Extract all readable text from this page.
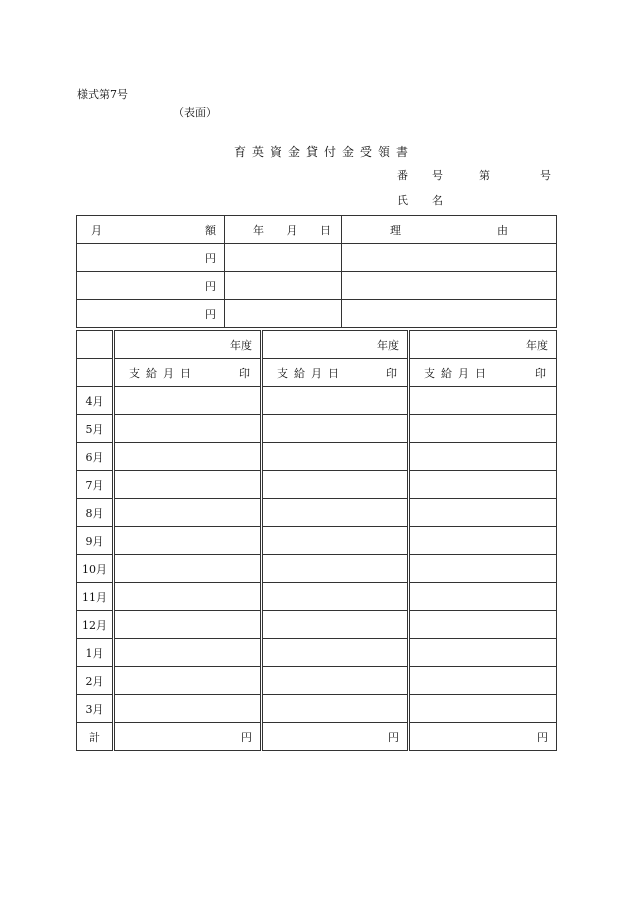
様式第7号
（表面）
育英資金貸付金受領書
番 号	第	号
氏 名
月 額	年 月 日	理 由

円		
円		
円		
	年度	年度	年度

	支給月日 印	支給月日 印	支給月日 印

4月			
5月			
6月			
7月			
8月			
9月			
10月			
11月			
12月			
1月			
2月			
3月			
計	円	円	円
